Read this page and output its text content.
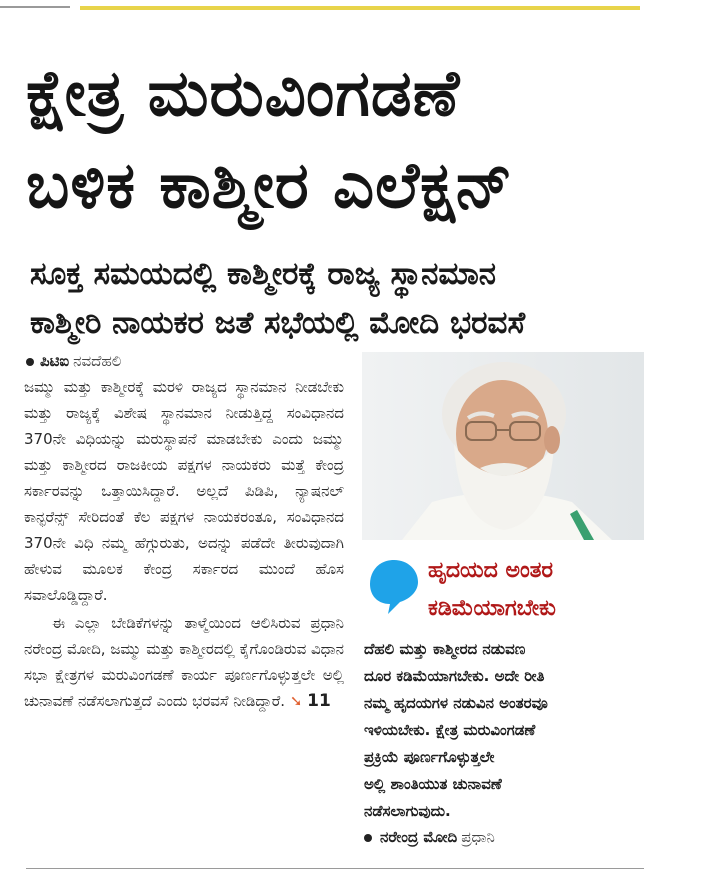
ಕ್ಷೇತ್ರ ಮರುವಿಂಗಡಣೆ
ಬಳಿಕ ಕಾಶ್ಮೀರ ಎಲೆಕ್ಷನ್
ಸೂಕ್ತ ಸಮಯದಲ್ಲಿ ಕಾಶ್ಮೀರಕ್ಕೆ ರಾಜ್ಯ ಸ್ಥಾನಮಾನ
ಕಾಶ್ಮೀರಿ ನಾಯಕರ ಜತೆ ಸಭೆಯಲ್ಲಿ ಮೋದಿ ಭರವಸೆ
ಪಿಟಿಐ ನವದೆಹಲಿ

ಜಮ್ಮು ಮತ್ತು ಕಾಶ್ಮೀರಕ್ಕೆ ಮರಳಿ ರಾಜ್ಯದ ಸ್ಥಾನಮಾನ ನೀಡಬೇಕು ಮತ್ತು ರಾಜ್ಯಕ್ಕೆ ವಿಶೇಷ ಸ್ಥಾನಮಾನ ನೀಡುತ್ತಿದ್ದ ಸಂವಿಧಾನದ 370ನೇ ವಿಧಿಯನ್ನು ಮರುಸ್ಥಾಪನೆ ಮಾಡಬೇಕು ಎಂದು ಜಮ್ಮು ಮತ್ತು ಕಾಶ್ಮೀರದ ರಾಜಕೀಯ ಪಕ್ಷಗಳ ನಾಯಕರು ಮತ್ತೆ ಕೇಂದ್ರ ಸರ್ಕಾರವನ್ನು ಒತ್ತಾಯಿಸಿದ್ದಾರೆ. ಅಲ್ಲದೆ ಪಿಡಿಪಿ, ನ್ಯಾಷನಲ್ ಕಾನ್ಫರೆನ್ಸ್ ಸೇರಿದಂತೆ ಕೆಲ ಪಕ್ಷಗಳ ನಾಯಕರಂತೂ, ಸಂವಿಧಾನದ 370ನೇ ವಿಧಿ ನಮ್ಮ ಹೆಗ್ಗುರುತು, ಅದನ್ನು ಪಡೆದೇ ತೀರುವುದಾಗಿ ಹೇಳುವ ಮೂಲಕ ಕೇಂದ್ರ ಸರ್ಕಾರದ ಮುಂದೆ ಹೊಸ ಸವಾಲೊಡ್ಡಿದ್ದಾರೆ.

ಈ ಎಲ್ಲಾ ಬೇಡಿಕೆಗಳನ್ನು ತಾಳ್ಮೆಯಿಂದ ಆಲಿಸಿರುವ ಪ್ರಧಾನಿ ನರೇಂದ್ರ ಮೋದಿ, ಜಮ್ಮು ಮತ್ತು ಕಾಶ್ಮೀರದಲ್ಲಿ ಕೈಗೊಂಡಿರುವ ವಿಧಾನ ಸಭಾ ಕ್ಷೇತ್ರಗಳ ಮರುವಿಂಗಡಣೆ ಕಾರ್ಯ ಪೂರ್ಣಗೊಳ್ಳುತ್ತಲೇ ಅಲ್ಲಿ ಚುನಾವಣೆ ನಡೆಸಲಾಗುತ್ತದೆ ಎಂದು ಭರವಸೆ ನೀಡಿದ್ದಾರೆ. ➘ 11

ಹೃದಯದ ಅಂತರ
ಕಡಿಮೆಯಾಗಬೇಕು
ದೆಹಲಿ ಮತ್ತು ಕಾಶ್ಮೀರದ ನಡುವಣ
ದೂರ ಕಡಿಮೆಯಾಗಬೇಕು. ಅದೇ ರೀತಿ
ನಮ್ಮ ಹೃದಯಗಳ ನಡುವಿನ ಅಂತರವೂ
ಇಳಿಯಬೇಕು. ಕ್ಷೇತ್ರ ಮರುವಿಂಗಡಣೆ
ಪ್ರಕ್ರಿಯೆ ಪೂರ್ಣಗೊಳ್ಳುತ್ತಲೇ
ಅಲ್ಲಿ ಶಾಂತಿಯುತ ಚುನಾವಣೆ
ನಡೆಸಲಾಗುವುದು.
ನರೇಂದ್ರ ಮೋದಿ ಪ್ರಧಾನಿ
